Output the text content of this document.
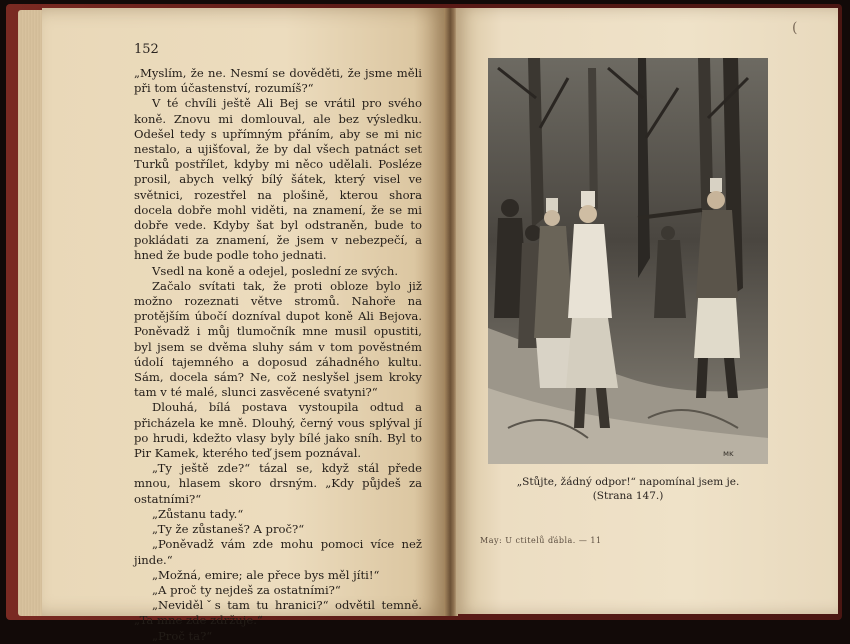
152

„Myslím, že ne. Nesmí se dověděti, že jsme měli při tom účastenství, rozumíš?“

V té chvíli ještě Ali Bej se vrátil pro svého koně. Znovu mi domlouval, ale bez výsledku. Odešel tedy s upřímným přáním, aby se mi nic nestalo, a ujišťoval, že by dal všech patnáct set Turků postřílet, kdyby mi něco udělali. Posléze prosil, abych velký bílý šátek, který visel ve světnici, rozestřel na plošině, kterou shora docela dobře mohl viděti, na znamení, že se mi dobře vede. Kdyby šat byl odstraněn, bude to pokládati za znamení, že jsem v nebezpečí, a hned že bude podle toho jednati.

Vsedl na koně a odejel, poslední ze svých.

Začalo svítati tak, že proti obloze bylo již možno rozeznati větve stromů. Nahoře na protějším úbočí dozníval dupot koně Ali Bejova. Poněvadž i můj tlumočník mne musil opustiti, byl jsem se dvěma sluhy sám v tom pověstném údolí tajemného a doposud záhadného kultu. Sám, docela sám? Ne, což neslyšel jsem kroky tam v té malé, slunci zasvěcené svatyni?“

Dlouhá, bílá postava vystoupila odtud a přicházela ke mně. Dlouhý, černý vous splýval jí po hrudi, kdežto vlasy byly bílé jako sníh. Byl to Pir Kamek, kterého teď jsem poznával.

„Ty ještě zde?“ tázal se, když stál přede mnou, hlasem skoro drsným. „Kdy půjdeš za ostatními?“

„Zůstanu tady.“

„Ty že zůstaneš? A proč?“

„Poněvadž vám zde mohu pomoci více než jinde.“

„Možná, emire; ale přece bys měl jíti!“

„A proč ty nejdeš za ostatními?“

„Nevidělˇs tam tu hranici?“ odvětil temně. „Ta mne zde zdržuje.“

„Proč ta?“

(
ᴍᴋ
„Stůjte, žádný odpor!“ napomínal jsem je.
(Strana 147.)
May: U ctitelů ďábla. — 11
